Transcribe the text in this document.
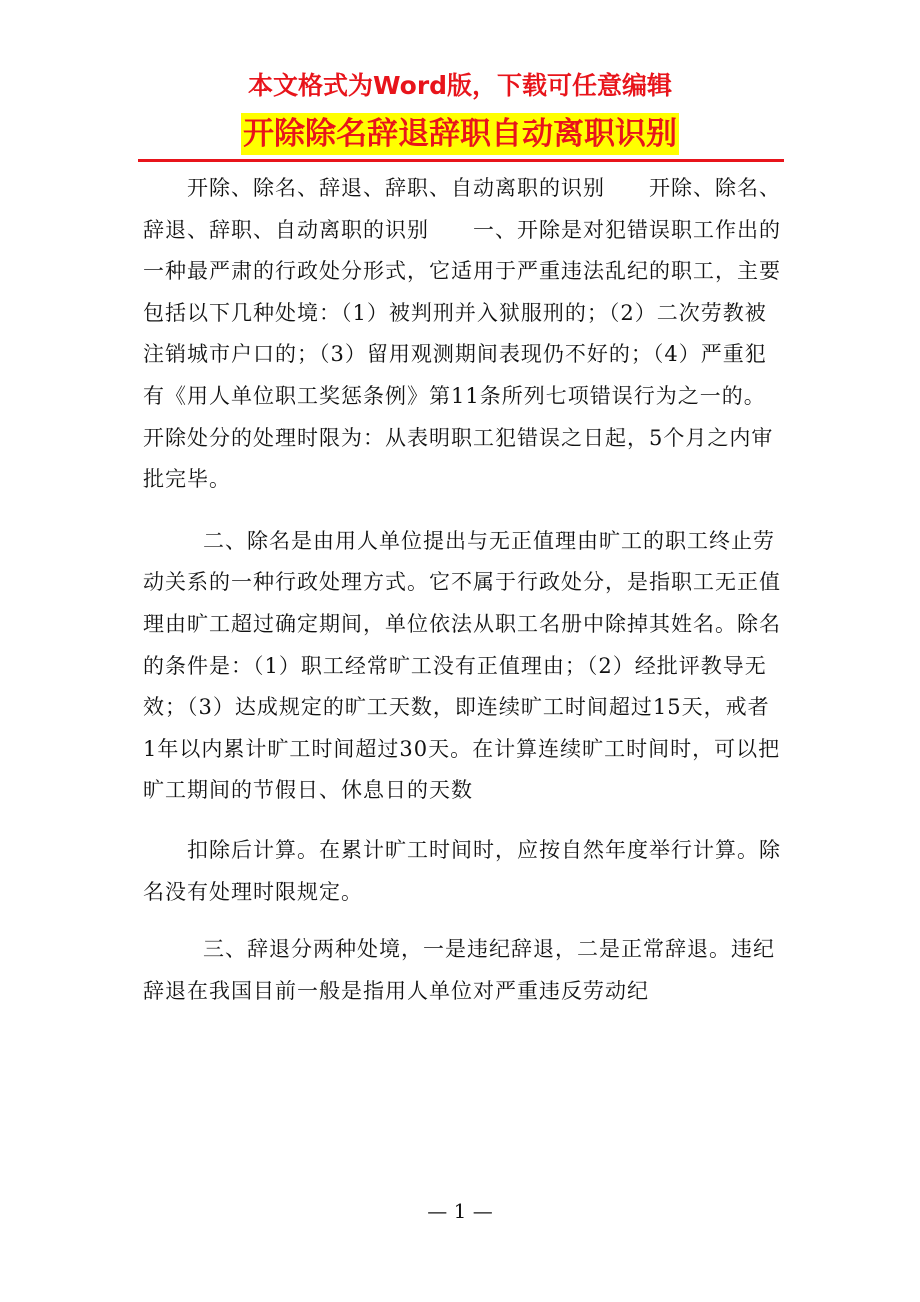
本文格式为Word版，下载可任意编辑
开除除名辞退辞职自动离职识别

开除、除名、辞退、辞职、自动离职的识别　　开除、除名、辞退、辞职、自动离职的识别　　一、开除是对犯错误职工作出的一种最严肃的行政处分形式，它适用于严重违法乱纪的职工，主要包括以下几种处境：（1）被判刑并入狱服刑的；（2）二次劳教被注销城市户口的；（3）留用观测期间表现仍不好的；（4）严重犯有《用人单位职工奖惩条例》第11条所列七项错误行为之一的。开除处分的处理时限为：从表明职工犯错误之日起，5个月之内审批完毕。

二、除名是由用人单位提出与无正值理由旷工的职工终止劳动关系的一种行政处理方式。它不属于行政处分，是指职工无正值理由旷工超过确定期间，单位依法从职工名册中除掉其姓名。除名的条件是：（1）职工经常旷工没有正值理由；（2）经批评教导无效；（3）达成规定的旷工天数，即连续旷工时间超过15天，戒者1年以内累计旷工时间超过30天。在计算连续旷工时间时，可以把旷工期间的节假日、休息日的天数

扣除后计算。在累计旷工时间时，应按自然年度举行计算。除名没有处理时限规定。

三、辞退分两种处境，一是违纪辞退，二是正常辞退。违纪辞退在我国目前一般是指用人单位对严重违反劳动纪

— 1 —
